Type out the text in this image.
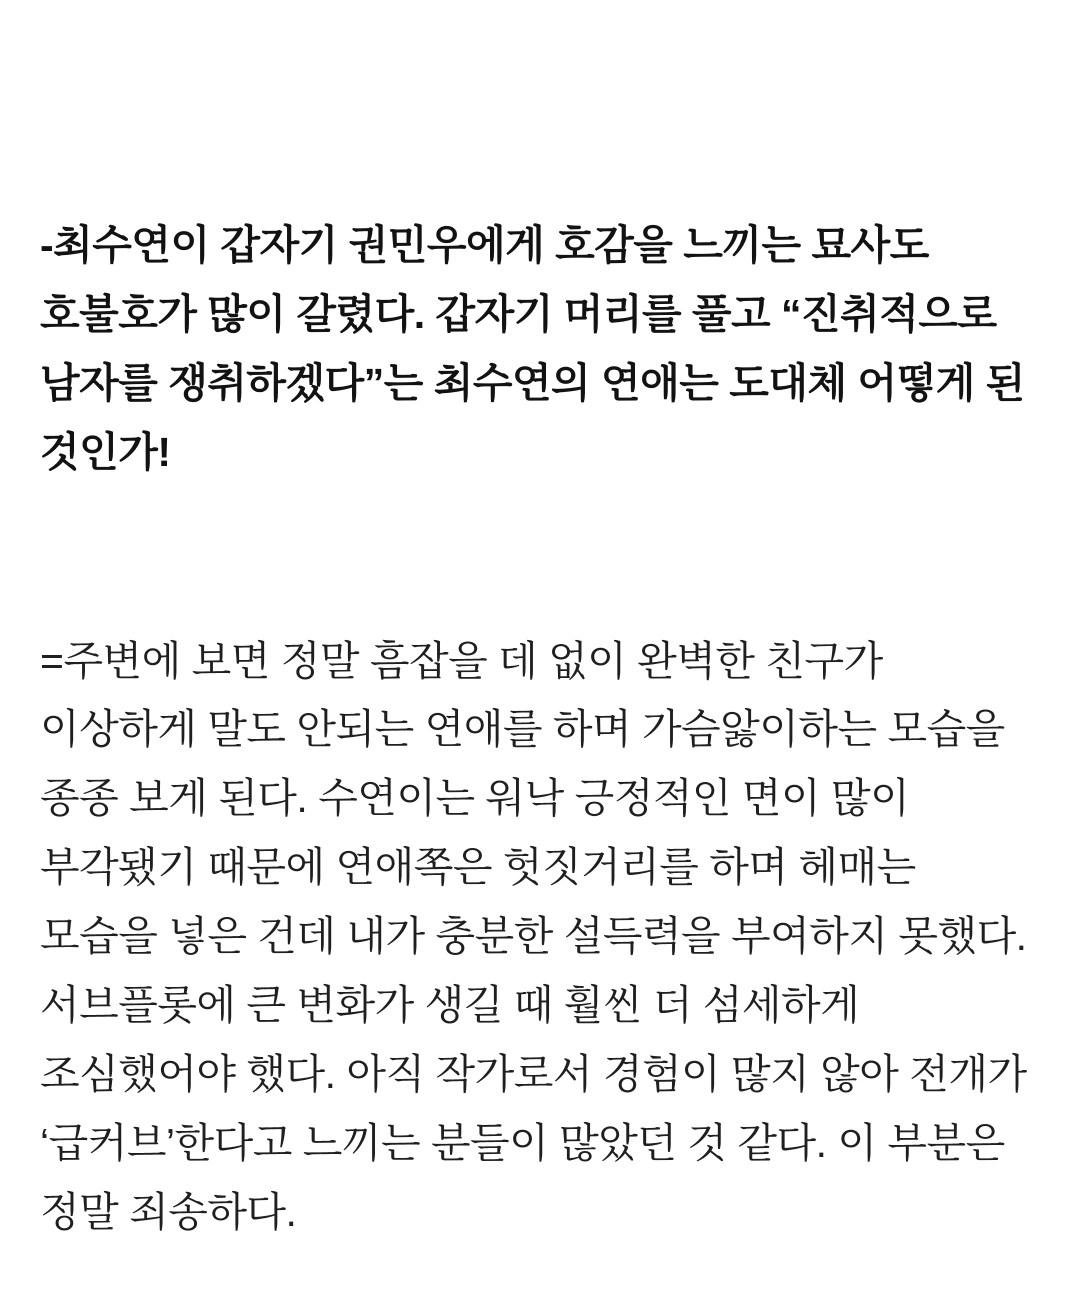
-최수연이 갑자기 권민우에게 호감을 느끼는 묘사도 호불호가 많이 갈렸다. 갑자기 머리를 풀고 “진취적으로 남자를 쟁취하겠다”는 최수연의 연애는 도대체 어떻게 된 것인가!

=주변에 보면 정말 흠잡을 데 없이 완벽한 친구가 이상하게 말도 안되는 연애를 하며 가슴앓이하는 모습을 종종 보게 된다. 수연이는 워낙 긍정적인 면이 많이 부각됐기 때문에 연애쪽은 헛짓거리를 하며 헤매는 모습을 넣은 건데 내가 충분한 설득력을 부여하지 못했다. 서브플롯에 큰 변화가 생길 때 훨씬 더 섬세하게 조심했어야 했다. 아직 작가로서 경험이 많지 않아 전개가 ‘급커브’한다고 느끼는 분들이 많았던 것 같다. 이 부분은 정말 죄송하다.
